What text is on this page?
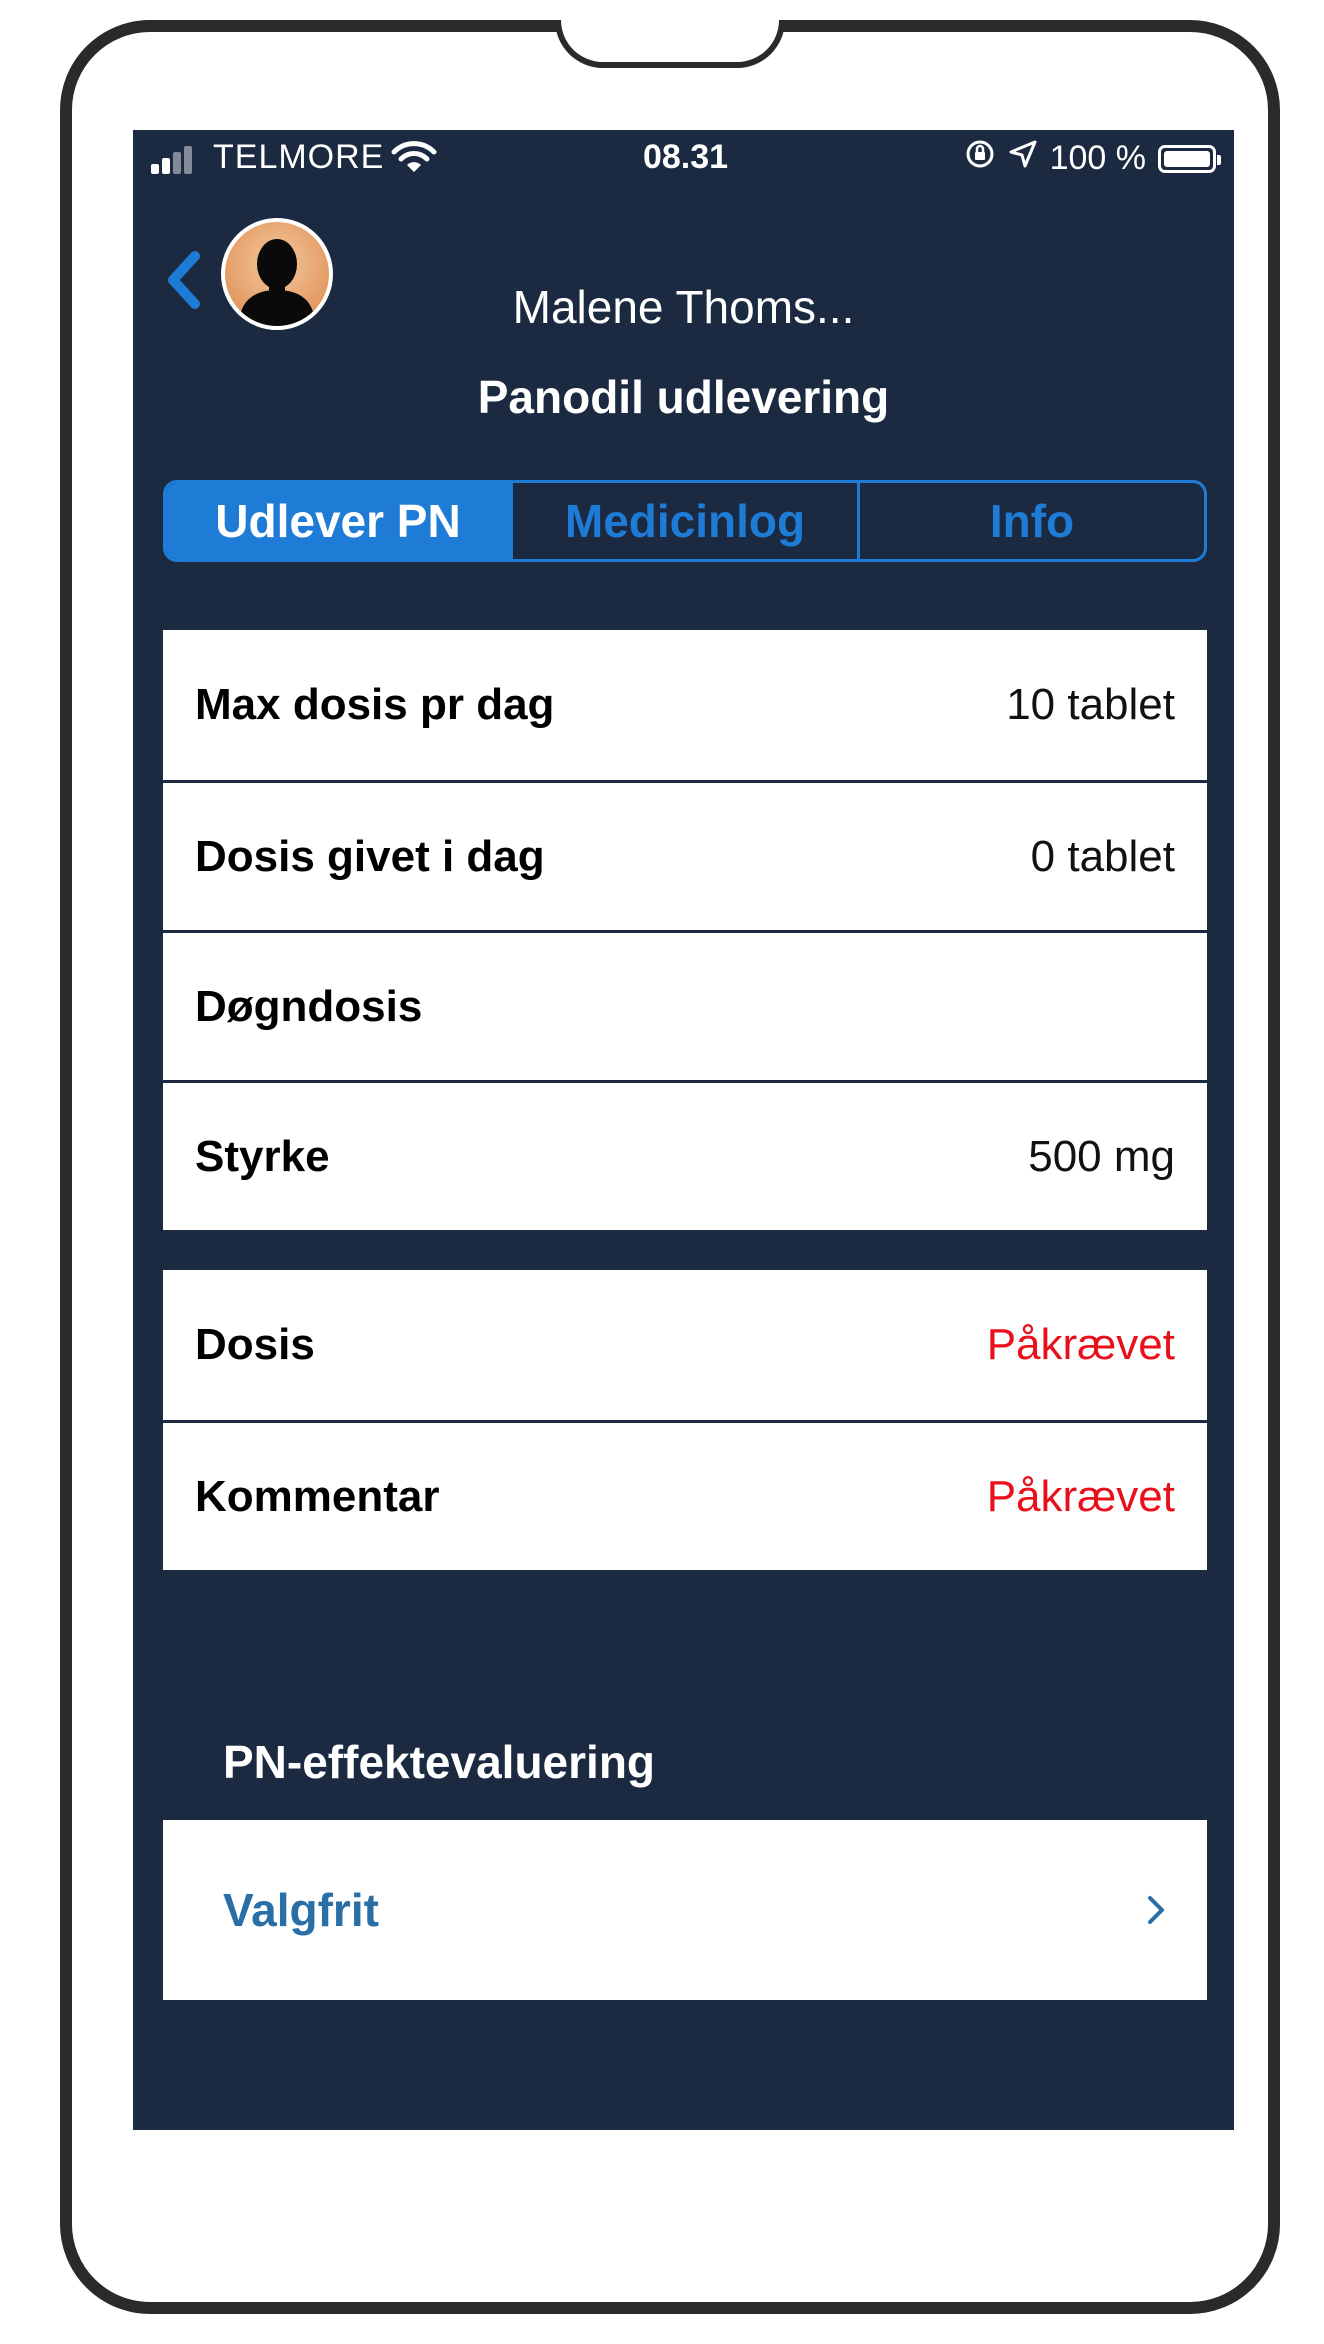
TELMORE	08.31	100 %
Malene Thoms...
Panodil udlevering
Udlever PN	Medicinlog	Info
Max dosis pr dag	10 tablet
Dosis givet i dag	0 tablet
Døgndosis
Styrke	500 mg
Dosis	Påkrævet
Kommentar	Påkrævet
PN-effektevaluering
Valgfrit
